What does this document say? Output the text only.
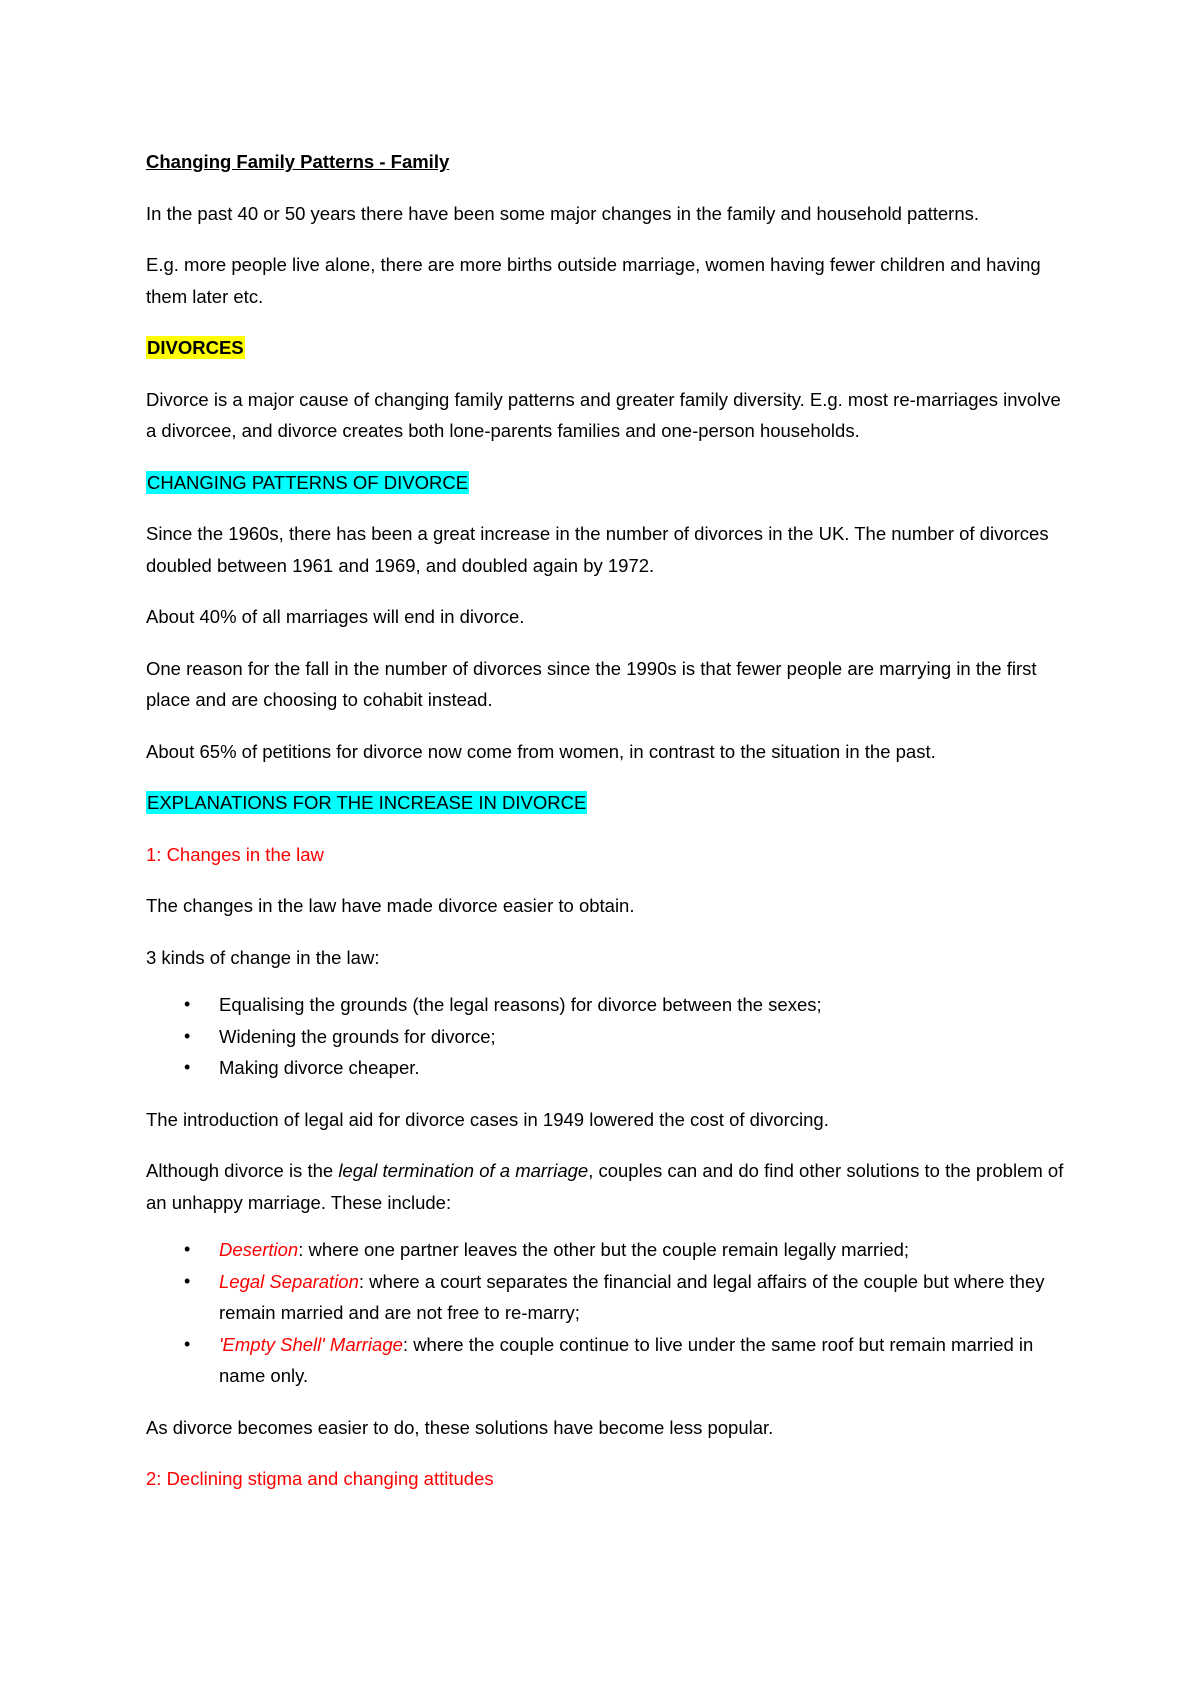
Changing Family Patterns - Family

In the past 40 or 50 years there have been some major changes in the family and household patterns.

E.g. more people live alone, there are more births outside marriage, women having fewer children and having them later etc.

DIVORCES

Divorce is a major cause of changing family patterns and greater family diversity. E.g. most re-marriages involve a divorcee, and divorce creates both lone-parents families and one-person households.

CHANGING PATTERNS OF DIVORCE

Since the 1960s, there has been a great increase in the number of divorces in the UK. The number of divorces doubled between 1961 and 1969, and doubled again by 1972.

About 40% of all marriages will end in divorce.

One reason for the fall in the number of divorces since the 1990s is that fewer people are marrying in the first place and are choosing to cohabit instead.

About 65% of petitions for divorce now come from women, in contrast to the situation in the past.

EXPLANATIONS FOR THE INCREASE IN DIVORCE

1: Changes in the law

The changes in the law have made divorce easier to obtain.

3 kinds of change in the law:

• Equalising the grounds (the legal reasons) for divorce between the sexes;
• Widening the grounds for divorce;
• Making divorce cheaper.

The introduction of legal aid for divorce cases in 1949 lowered the cost of divorcing.

Although divorce is the legal termination of a marriage, couples can and do find other solutions to the problem of an unhappy marriage. These include:

• Desertion: where one partner leaves the other but the couple remain legally married;
• Legal Separation: where a court separates the financial and legal affairs of the couple but where they remain married and are not free to re-marry;
• 'Empty Shell' Marriage: where the couple continue to live under the same roof but remain married in name only.

As divorce becomes easier to do, these solutions have become less popular.

2: Declining stigma and changing attitudes
